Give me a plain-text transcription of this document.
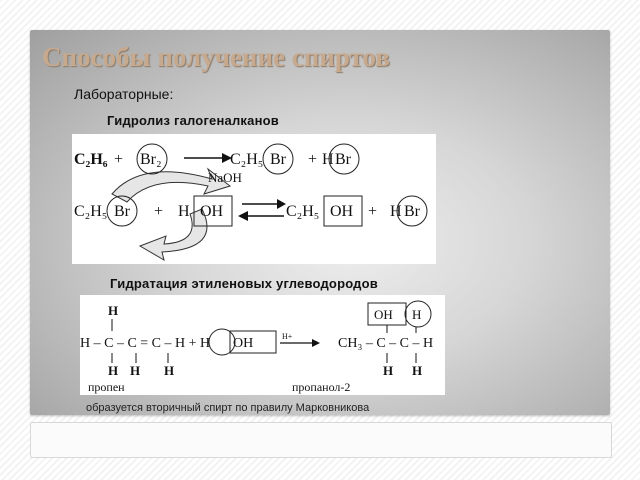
Способы получение спиртов
Лабораторные:
Гидролиз галогеналканов
C₂H₆ + Br₂	C₂H₅ Br + H Br
NaOH
C₂H₅ Br + H OH	C₂H₅ OH + H Br
Гидратация этиленовых углеводородов
H
H – C – C = C – H + H OH
H H H
пропен
H+
OH H
CH₃ – C – C – H
H H
пропанол-2
образуется вторичный спирт по правилу Марковникова
